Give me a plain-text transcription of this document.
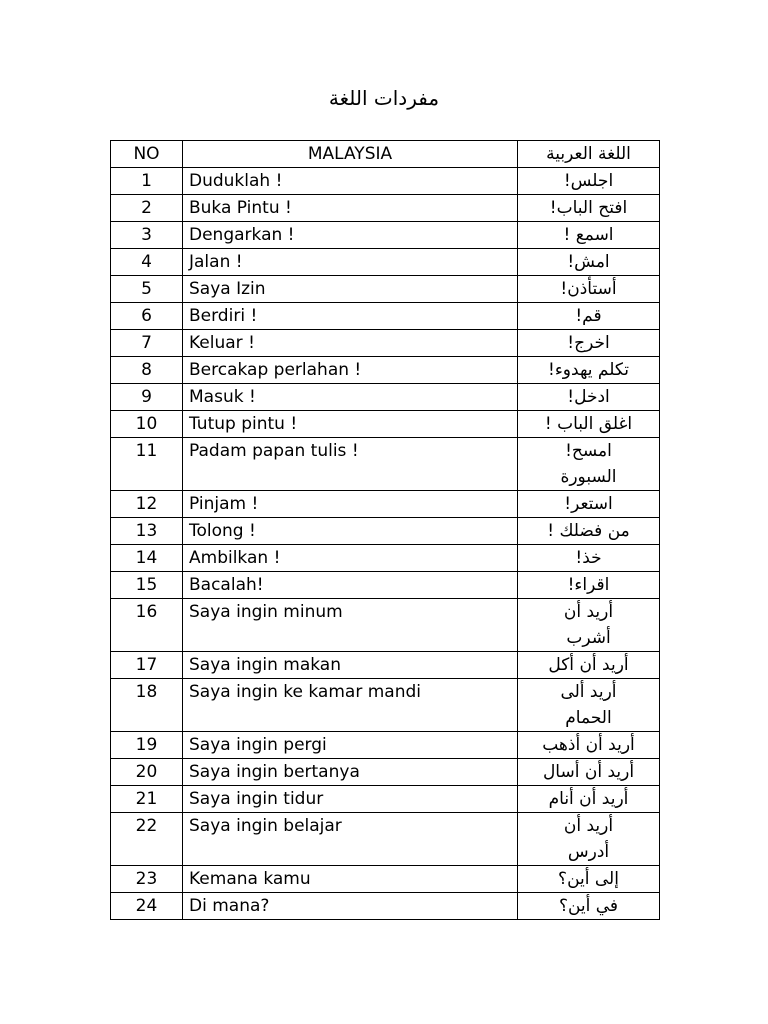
مفردات اللغة
NO	MALAYSIA	اللغة العربية
1	Duduklah !	اجلس!
2	Buka Pintu !	افتح الباب!
3	Dengarkan !	اسمع !
4	Jalan !	امش!
5	Saya Izin	أستأذن!
6	Berdiri !	قم!
7	Keluar !	اخرج!
8	Bercakap perlahan !	تكلم يهدوء!
9	Masuk !	ادخل!
10	Tutup pintu !	اغلق الباب !
11	Padam papan tulis !	امسح! السبورة
12	Pinjam !	استعر!
13	Tolong !	من فضلك !
14	Ambilkan !	خذ!
15	Bacalah!	اقراء!
16	Saya ingin minum	أريد أن أشرب
17	Saya ingin makan	أريد أن أكل
18	Saya ingin ke kamar mandi	أريد ألى الحمام
19	Saya ingin pergi	أريد أن أذهب
20	Saya ingin bertanya	أريد أن أسال
21	Saya ingin tidur	أريد أن أنام
22	Saya ingin belajar	أريد أن أدرس
23	Kemana kamu	إلى أين؟
24	Di mana?	في أين؟
